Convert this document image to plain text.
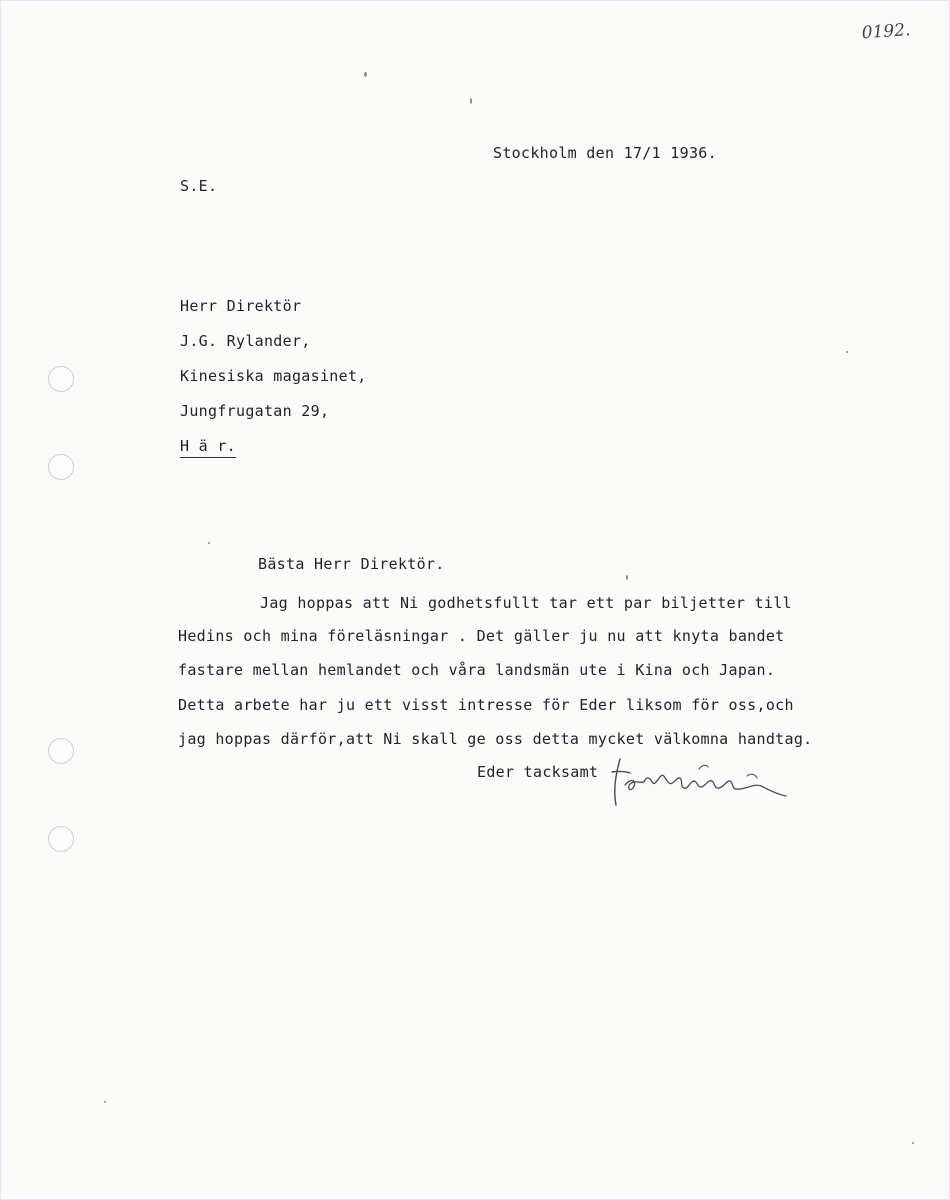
0192.
Stockholm den 17/1 1936.
S.E.
Herr Direktör
J.G. Rylander,
Kinesiska magasinet,
Jungfrugatan 29,
H ä r.
Bästa Herr Direktör.
Jag hoppas att Ni godhetsfullt tar ett par biljetter till
Hedins och mina föreläsningar . Det gäller ju nu att knyta bandet
fastare mellan hemlandet och våra landsmän ute i Kina och Japan.
Detta arbete har ju ett visst intresse för Eder liksom för oss,och
jag hoppas därför,att Ni skall ge oss detta mycket välkomna handtag.
Eder tacksamt
